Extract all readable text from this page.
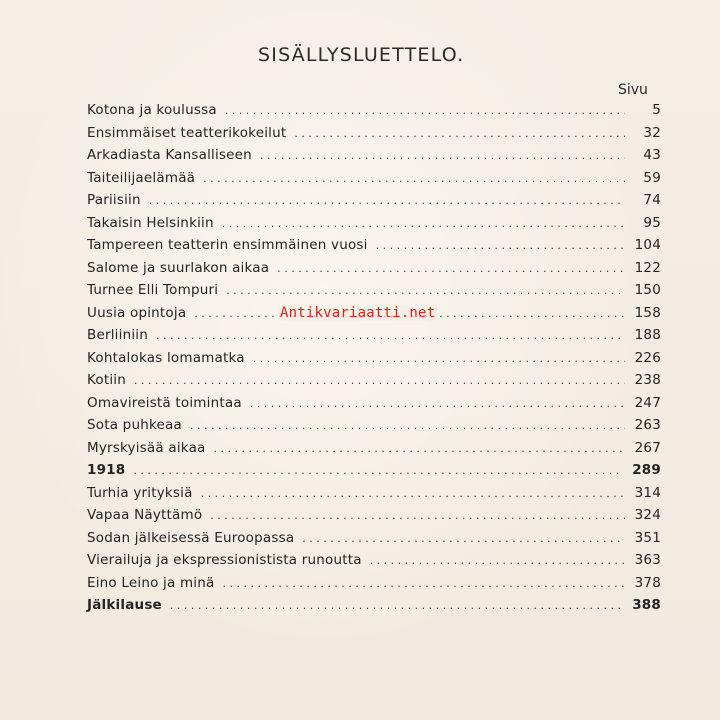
SISÄLLYSLUETTELO.
Sivu
Kotona ja koulussa . . .	5
Ensimmäiset teatterikokeilut . . .	32
Arkadiasta Kansalliseen . . .	43
Taiteilijaelämää . . .	59
Pariisiin . . .	74
Takaisin Helsinkiin . . .	95
Tampereen teatterin ensimmäinen vuosi . . .	104
Salome ja suurlakon aikaa . . .	122
Turnee Elli Tompuri . . .	150
Uusia opintoja . . .	158
Berliiniin . . .	188
Kohtalokas lomamatka . . .	226
Kotiin . . .	238
Omavireistä toimintaa . . .	247
Sota puhkeaa . . .	263
Myrskyisää aikaa . . .	267
1918 . . .	289
Turhia yrityksiä . . .	314
Vapaa Näyttämö . . .	324
Sodan jälkeisessä Euroopassa . . .	351
Vierailuja ja ekspressionistista runoutta . . .	363
Eino Leino ja minä . . .	378
Jälkilause . . .	388
Antikvariaatti.net
